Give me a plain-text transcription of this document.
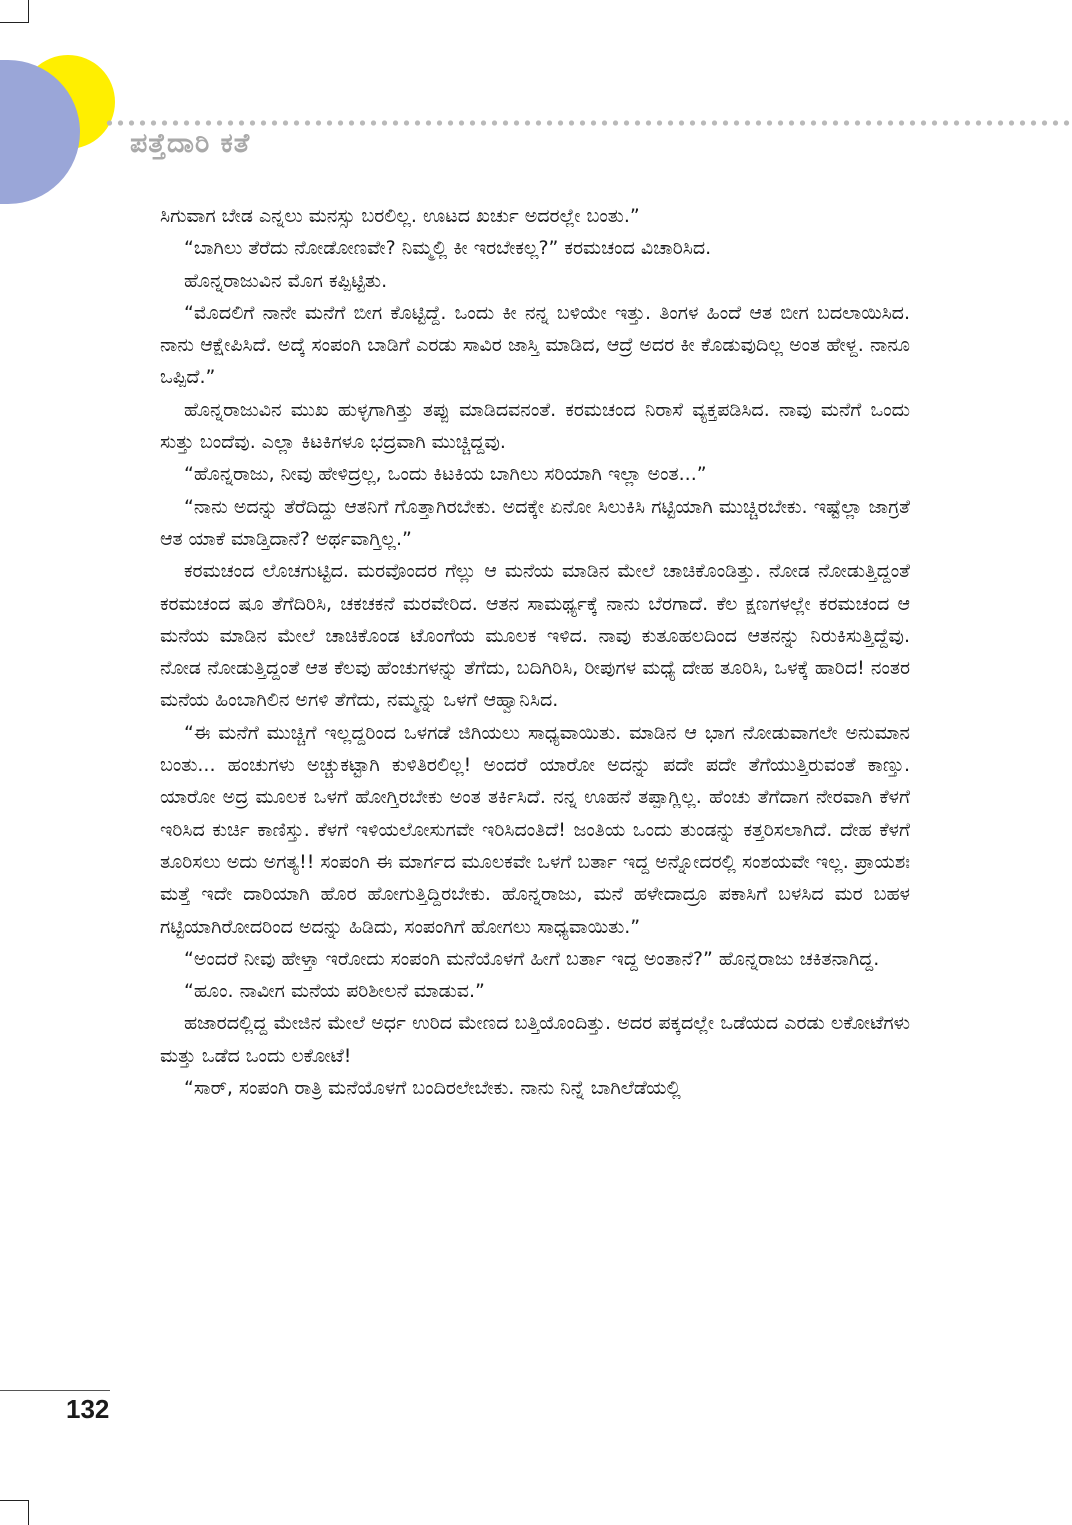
ಪತ್ತೆದಾರಿ ಕತೆ

ಸಿಗುವಾಗ ಬೇಡ ಎನ್ನಲು ಮನಸ್ಸು ಬರಲಿಲ್ಲ. ಊಟದ ಖರ್ಚು ಅದರಲ್ಲೇ ಬಂತು.”

“ಬಾಗಿಲು ತೆರೆದು ನೋಡೋಣವೇ? ನಿಮ್ಮಲ್ಲಿ ಕೀ ಇರಬೇಕಲ್ಲ?” ಕರಮಚಂದ ವಿಚಾರಿಸಿದ.

ಹೊನ್ನರಾಜುವಿನ ಮೊಗ ಕಪ್ಪಿಟ್ಟಿತು.

“ಮೊದಲಿಗೆ ನಾನೇ ಮನೆಗೆ ಬೀಗ ಕೊಟ್ಟಿದ್ದೆ. ಒಂದು ಕೀ ನನ್ನ ಬಳಿಯೇ ಇತ್ತು. ತಿಂಗಳ ಹಿಂದೆ ಆತ ಬೀಗ ಬದಲಾಯಿಸಿದ. ನಾನು ಆಕ್ಷೇಪಿಸಿದೆ. ಅದ್ಕೆ ಸಂಪಂಗಿ ಬಾಡಿಗೆ ಎರಡು ಸಾವಿರ ಜಾಸ್ತಿ ಮಾಡಿದ, ಆದ್ರೆ ಅದರ ಕೀ ಕೊಡುವುದಿಲ್ಲ ಅಂತ ಹೇಳ್ದ. ನಾನೂ ಒಪ್ಪಿದೆ.”

ಹೊನ್ನರಾಜುವಿನ ಮುಖ ಹುಳ್ಳಗಾಗಿತ್ತು ತಪ್ಪು ಮಾಡಿದವನಂತೆ. ಕರಮಚಂದ ನಿರಾಸೆ ವ್ಯಕ್ತಪಡಿಸಿದ. ನಾವು ಮನೆಗೆ ಒಂದು ಸುತ್ತು ಬಂದೆವು. ಎಲ್ಲಾ ಕಿಟಕಿಗಳೂ ಭದ್ರವಾಗಿ ಮುಚ್ಚಿದ್ದವು.

“ಹೊನ್ನರಾಜು, ನೀವು ಹೇಳಿದ್ರಲ್ಲ, ಒಂದು ಕಿಟಕಿಯ ಬಾಗಿಲು ಸರಿಯಾಗಿ ಇಲ್ಲಾ ಅಂತ...”

“ನಾನು ಅದನ್ನು ತೆರೆದಿದ್ದು ಆತನಿಗೆ ಗೊತ್ತಾಗಿರಬೇಕು. ಅದಕ್ಕೇ ಏನೋ ಸಿಲುಕಿಸಿ ಗಟ್ಟಿಯಾಗಿ ಮುಚ್ಚಿರಬೇಕು. ಇಷ್ಟೆಲ್ಲಾ ಜಾಗ್ರತೆ ಆತ ಯಾಕೆ ಮಾಡ್ತಿದಾನೆ? ಅರ್ಥವಾಗ್ತಿಲ್ಲ.”

ಕರಮಚಂದ ಲೊಚಗುಟ್ಟಿದ. ಮರವೊಂದರ ಗೆಲ್ಲು ಆ ಮನೆಯ ಮಾಡಿನ ಮೇಲೆ ಚಾಚಿಕೊಂಡಿತ್ತು. ನೋಡ ನೋಡುತ್ತಿದ್ದಂತೆ ಕರಮಚಂದ ಷೂ ತೆಗೆದಿರಿಸಿ, ಚಕಚಕನೆ ಮರವೇರಿದ. ಆತನ ಸಾಮರ್ಥ್ಯಕ್ಕೆ ನಾನು ಬೆರಗಾದೆ. ಕೆಲ ಕ್ಷಣಗಳಲ್ಲೇ ಕರಮಚಂದ ಆ ಮನೆಯ ಮಾಡಿನ ಮೇಲೆ ಚಾಚಿಕೊಂಡ ಟೊಂಗೆಯ ಮೂಲಕ ಇಳಿದ. ನಾವು ಕುತೂಹಲದಿಂದ ಆತನನ್ನು ನಿರುಕಿಸುತ್ತಿದ್ದೆವು. ನೋಡ ನೋಡುತ್ತಿದ್ದಂತೆ ಆತ ಕೆಲವು ಹೆಂಚುಗಳನ್ನು ತೆಗೆದು, ಬದಿಗಿರಿಸಿ, ರೀಪುಗಳ ಮಧ್ಯೆ ದೇಹ ತೂರಿಸಿ, ಒಳಕ್ಕೆ ಹಾರಿದ! ನಂತರ ಮನೆಯ ಹಿಂಬಾಗಿಲಿನ ಅಗಳಿ ತೆಗೆದು, ನಮ್ಮನ್ನು ಒಳಗೆ ಆಹ್ವಾನಿಸಿದ.

“ಈ ಮನೆಗೆ ಮುಚ್ಚಿಗೆ ಇಲ್ಲದ್ದರಿಂದ ಒಳಗಡೆ ಜಿಗಿಯಲು ಸಾಧ್ಯವಾಯಿತು. ಮಾಡಿನ ಆ ಭಾಗ ನೋಡುವಾಗಲೇ ಅನುಮಾನ ಬಂತು... ಹಂಚುಗಳು ಅಚ್ಚುಕಟ್ಟಾಗಿ ಕುಳಿತಿರಲಿಲ್ಲ! ಅಂದರೆ ಯಾರೋ ಅದನ್ನು ಪದೇ ಪದೇ ತೆಗೆಯುತ್ತಿರುವಂತೆ ಕಾಣ್ತು. ಯಾರೋ ಅದ್ರ ಮೂಲಕ ಒಳಗೆ ಹೋಗ್ತಿರಬೇಕು ಅಂತ ತರ್ಕಿಸಿದೆ. ನನ್ನ ಊಹನೆ ತಪ್ಪಾಗ್ಲಿಲ್ಲ. ಹೆಂಚು ತೆಗೆದಾಗ ನೇರವಾಗಿ ಕೆಳಗೆ ಇರಿಸಿದ ಕುರ್ಚಿ ಕಾಣಿಸ್ತು. ಕೆಳಗೆ ಇಳಿಯಲೋಸುಗವೇ ಇರಿಸಿದಂತಿದೆ! ಜಂತಿಯ ಒಂದು ತುಂಡನ್ನು ಕತ್ತರಿಸಲಾಗಿದೆ. ದೇಹ ಕೆಳಗೆ ತೂರಿಸಲು ಅದು ಅಗತ್ಯ!! ಸಂಪಂಗಿ ಈ ಮಾರ್ಗದ ಮೂಲಕವೇ ಒಳಗೆ ಬರ್ತಾ ಇದ್ದ ಅನ್ನೋದರಲ್ಲಿ ಸಂಶಯವೇ ಇಲ್ಲ. ಪ್ರಾಯಶಃ ಮತ್ತೆ ಇದೇ ದಾರಿಯಾಗಿ ಹೊರ ಹೋಗುತ್ತಿದ್ದಿರಬೇಕು. ಹೊನ್ನರಾಜು, ಮನೆ ಹಳೇದಾದ್ರೂ ಪಕಾಸಿಗೆ ಬಳಸಿದ ಮರ ಬಹಳ ಗಟ್ಟಿಯಾಗಿರೋದರಿಂದ ಅದನ್ನು ಹಿಡಿದು, ಸಂಪಂಗಿಗೆ ಹೋಗಲು ಸಾಧ್ಯವಾಯಿತು.”

“ಅಂದರೆ ನೀವು ಹೇಳ್ತಾ ಇರೋದು ಸಂಪಂಗಿ ಮನೆಯೊಳಗೆ ಹೀಗೆ ಬರ್ತಾ ಇದ್ದ ಅಂತಾನೆ?” ಹೊನ್ನರಾಜು ಚಕಿತನಾಗಿದ್ದ.

“ಹೂಂ. ನಾವೀಗ ಮನೆಯ ಪರಿಶೀಲನೆ ಮಾಡುವ.”

ಹಜಾರದಲ್ಲಿದ್ದ ಮೇಜಿನ ಮೇಲೆ ಅರ್ಧ ಉರಿದ ಮೇಣದ ಬತ್ತಿಯೊಂದಿತ್ತು. ಅದರ ಪಕ್ಕದಲ್ಲೇ ಒಡೆಯದ ಎರಡು ಲಕೋಟೆಗಳು ಮತ್ತು ಒಡೆದ ಒಂದು ಲಕೋಟೆ!

“ಸಾರ್, ಸಂಪಂಗಿ ರಾತ್ರಿ ಮನೆಯೊಳಗೆ ಬಂದಿರಲೇಬೇಕು. ನಾನು ನಿನ್ನೆ ಬಾಗಿಲೆಡೆಯಲ್ಲಿ

132
